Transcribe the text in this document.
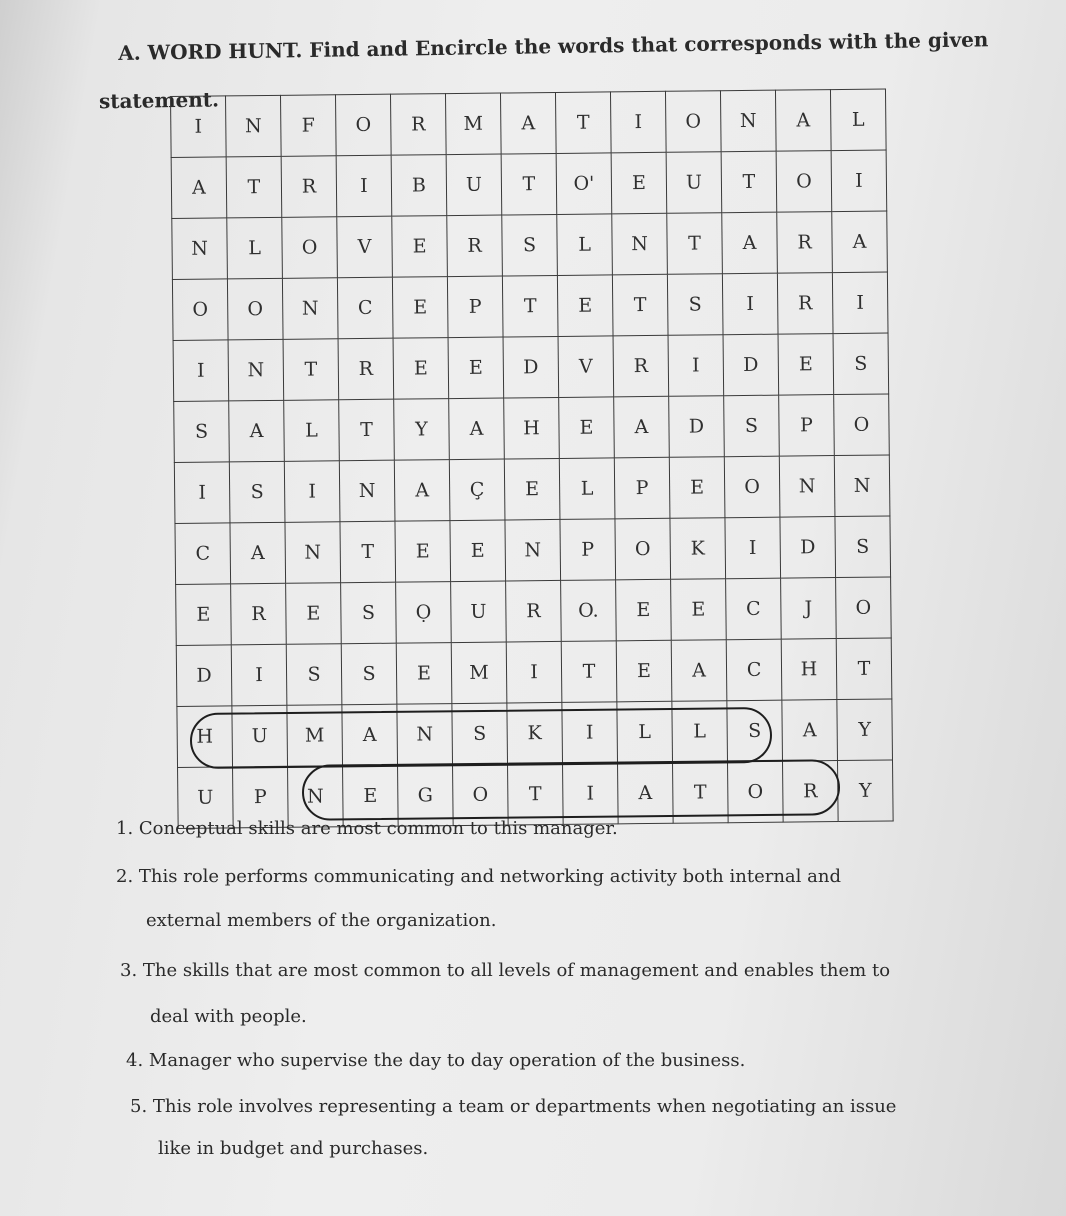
A. WORD HUNT. Find and Encircle the words that corresponds with the given
statement.
I	N	F	O	R	M	A	T	I	O	N	A	L
A	T	R	I	B	U	T	O'	E	U	T	O	I
N	L	O	V	E	R	S	L	N	T	A	R	A
O	O	N	C	E	P	T	E	T	S	I	R	I
I	N	T	R	E	E	D	V	R	I	D	E	S
S	A	L	T	Y	A	H	E	A	D	S	P	O
I	S	I	N	A	Ç	E	L	P	E	O	N	N
C	A	N	T	E	E	N	P	O	K	I	D	S
E	R	E	S	Ọ	U	R	O.	E	E	C	J	O
D	I	S	S	E	M	I	T	E	A	C	H	T
H	U	M	A	N	S	K	I	L	L	S	A	Y
U	P	N	E	G	O	T	I	A	T	O	R	Y
1. Conceptual skills are most common to this manager.
2. This role performs communicating and networking activity both internal and
external members of the organization.
3. The skills that are most common to all levels of management and enables them to
deal with people.
4. Manager who supervise the day to day operation of the business.
5. This role involves representing a team or departments when negotiating an issue
like in budget and purchases.
